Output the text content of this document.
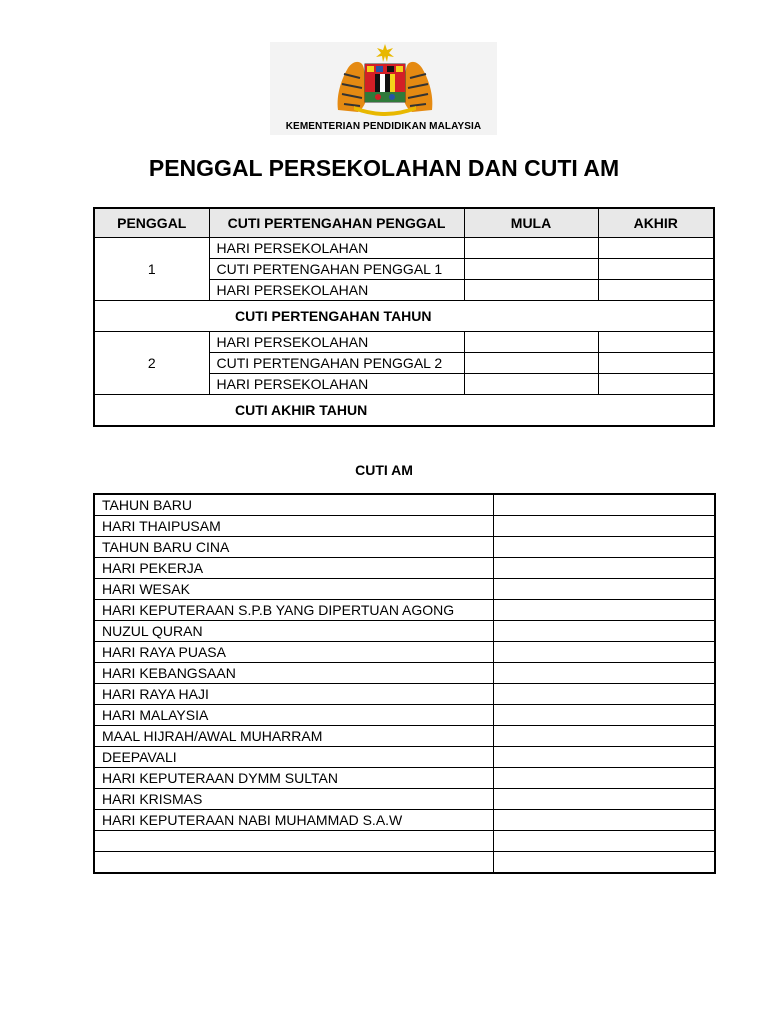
KEMENTERIAN PENDIDIKAN MALAYSIA
PENGGAL PERSEKOLAHAN DAN CUTI AM
PENGGAL	CUTI PERTENGAHAN PENGGAL	MULA	AKHIR
1	HARI PERSEKOLAHAN		
	CUTI PERTENGAHAN PENGGAL 1		
	HARI PERSEKOLAHAN		
CUTI PERTENGAHAN TAHUN			
2	HARI PERSEKOLAHAN		
	CUTI PERTENGAHAN PENGGAL 2		
	HARI PERSEKOLAHAN		
CUTI AKHIR TAHUN			
CUTI AM
TAHUN BARU	
HARI THAIPUSAM	
TAHUN BARU CINA	
HARI PEKERJA	
HARI WESAK	
HARI KEPUTERAAN S.P.B YANG DIPERTUAN AGONG	
NUZUL QURAN	
HARI RAYA PUASA	
HARI KEBANGSAAN	
HARI RAYA HAJI	
HARI MALAYSIA	
MAAL HIJRAH/AWAL MUHARRAM	
DEEPAVALI	
HARI KEPUTERAAN DYMM SULTAN	
HARI KRISMAS	
HARI KEPUTERAAN NABI MUHAMMAD S.A.W	
